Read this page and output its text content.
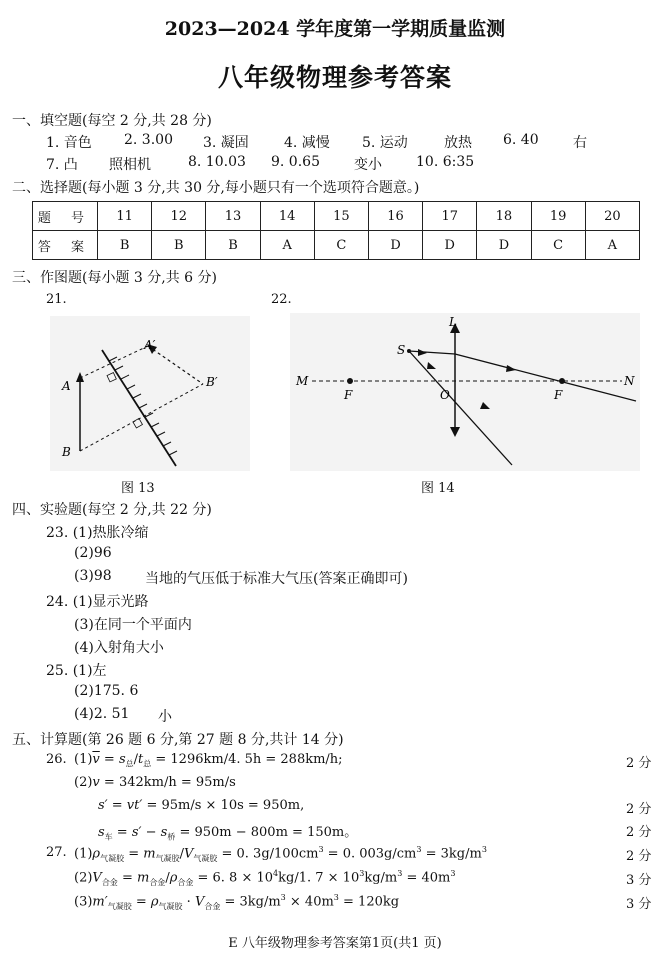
2023—2024 学年度第一学期质量监测
八年级物理参考答案
一、填空题(每空 2 分,共 28 分)
1. 音色 2. 3.00 3. 凝固	4. 减慢 5. 运动	放热 6. 40 右
7. 凸 照相机	8. 10.03 9. 0.65 变小 10. 6:35
二、选择题(每小题 3 分,共 30 分,每小题只有一个选项符合题意。)
题 号	11	12	13	14	15	16	17	18	19	20
答 案	B	B	B	A	C	D	D	D	C	A
三、作图题(每小题 3 分,共 6 分)
21.	22.
A
B
A′
B′
图 13
L
S
M	N
F	F
O
图 14
四、实验题(每空 2 分,共 22 分)
23. (1)热胀冷缩
(2)96
(3)98 当地的气压低于标准大气压(答案正确即可)
24. (1)显示光路
(3)在同一个平面内
(4)入射角大小
25. (1)左
(2)175. 6
(4)2. 51 小
五、计算题(第 26 题 6 分,第 27 题 8 分,共计 14 分)
26. $(1)\overline{v} = s_总/t_总 = 1296km/4$. 5h = 288km/h;	2 分
(2)v = 342km/h = 95m/s
s′ = vt′ = 95m/s × 10s = 950m,	2 分
$s_车 = s' - s_桥 = 950m - 800m = 150m$。	2 分
27. $(1)\rho_{气凝胶} = m_{气凝胶}/V_{气凝胶} = 0$. $3g/100cm^3 = 0$. $003g/cm^3 = 3kg/m^3$	2 分
$(2)V_{合金} = m_{合金}/\rho_{合金} = 6$. $8 \times 10^4kg/1$. $7 \times 10^3kg/m^3 = 40m^3$	3 分
$(3)m'_{气凝胶} = \rho_{气凝胶} \cdot V_{合金} = 3kg/m^3 \times 40m^3 = 120kg$	3 分
E 八年级物理参考答案第1页(共1 页)
